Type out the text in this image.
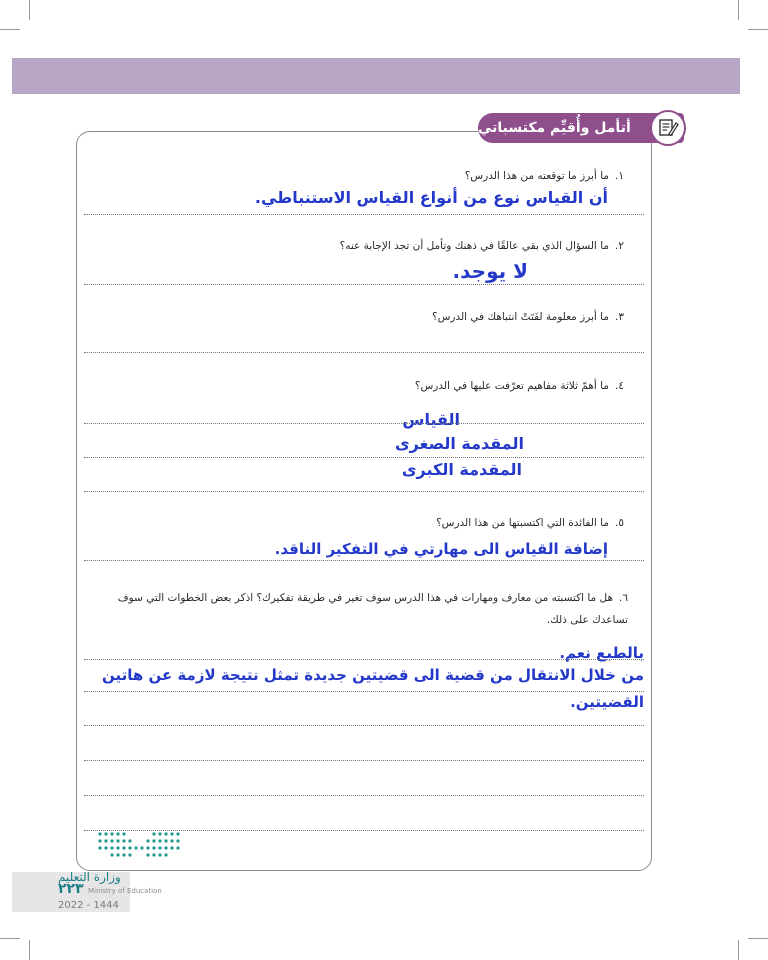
أتأمل وأُقيِّم مكتسباتي
١.ما أبرز ما توقعته من هذا الدرس؟
أن القياس نوع من أنواع القياس الاستنباطي.
٢.ما السؤال الذي بقي عالقًا في ذهنك وتأمل أن تجد الإجابة عنه؟
لا يوجد.
٣.ما أبرز معلومة لفَتَتْ انتباهك في الدرس؟
٤.ما أهمّ ثلاثة مفاهيم تعرّفت عليها في الدرس؟
القياس
المقدمة الصغرى
المقدمة الكبرى
٥.ما الفائدة التي اكتسبتها من هذا الدرس؟
إضافة القياس الى مهارتي في التفكير الناقد.
٦.هل ما اكتسبته من معارف ومهارات في هذا الدرس سوف تغير في طريقة تفكيرك؟ اذكر بعض الخطوات التي سوف تساعدك على ذلك.
بالطبع نعم.
من خلال الانتقال من قضية الى قضيتين جديدة تمثل نتيجة لازمة عن هاتين
القضيتين.
وزارة التعليم
Ministry of Education
٢٢٣
2022 - 1444
